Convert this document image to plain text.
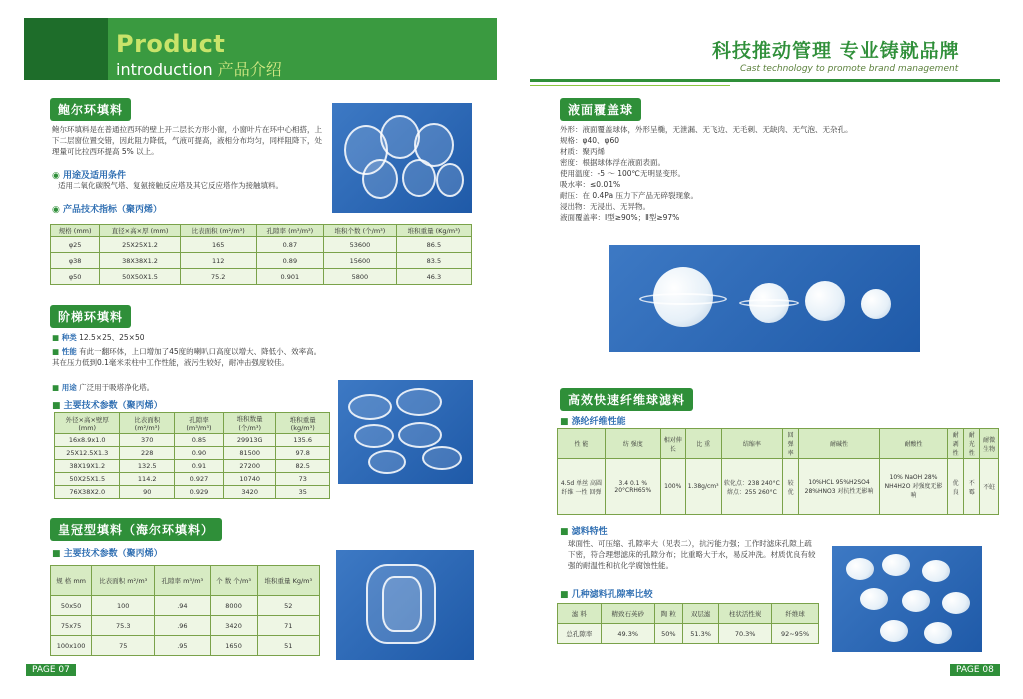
Product
introduction 产品介绍
科技推动管理 专业铸就品牌
Cast technology to promote brand management
鲍尔环填料
鲍尔环填料是在普通拉西环的壁上开二层长方形小窗，小窗叶片在环中心相搭，上下二层窗位置交错，因此阻力降低，气液可提高，液相分布均匀，同样阻降下，处理量可比拉西环提高 5% 以上。
◉ 用途及适用条件
适用二氧化碳脱气塔、复氨接触反应塔及其它反应塔作为接触填料。
◉ 产品技术指标（聚丙烯）
规格 (mm)	直径×高×厚 (mm)	比表面积 (m²/m³)	孔隙率 (m³/m³)	堆积个数 (个/m³)	堆积重量 (Kg/m³)
φ25	25X25X1.2	165	0.87	53600	86.5
φ38	38X38X1.2	112	0.89	15600	83.5
φ50	50X50X1.5	75.2	0.901	5800	46.3
阶梯环填料
■ 种类 12.5×25、25×50
■ 性能 有此一翻环体，上口增加了45度的喇叭口高度以增大、降低小、效率高。其在压力低到0.1毫米汞柱中工作性能，液污生较好，耐冲击强度较佳。
■ 用途 广泛用于吸塔净化塔。
■ 主要技术参数（聚丙烯）
外径×高×壁厚 (mm)	比表面积 (m²/m³)	孔隙率 (m³/m³)	堆积数量 (个/m³)	堆积重量 (kg/m³)
16x8.9x1.0	370	0.85	29913G	135.6
25X12.5X1.3	228	0.90	81500	97.8
38X19X1.2	132.5	0.91	27200	82.5
50X25X1.5	114.2	0.927	10740	73
76X38X2.0	90	0.929	3420	35
皇冠型填料（海尔环填料）
■ 主要技术参数（聚丙烯）
规 格 mm	比表面积 m²/m³	孔隙率 m³/m³	个 数 个/m³	堆积重量 Kg/m³
50x50	100	.94	8000	52
75x75	75.3	.96	3420	71
100x100	75	.95	1650	51
液面覆盖球
外形：液面覆盖球体，外形呈椭，无泄漏、无飞边、无毛刺、无缺肉、无气泡、无杂孔。
规格：φ40、φ60
材质：聚丙烯
密度：根据球体浮在液面表面。
使用温度：-5 ～ 100℃无明显变形。
吸水率：≤0.01%
耐压：在 0.4Pa 压力下产品无碎裂现象。
浸出物：无浸出、无异物。
液面覆盖率：Ⅰ型≥90%；Ⅱ型≥97%
高效快速纤维球滤料
■ 涤纶纤维性能
性 能	纺 强度	相对伸长	比 重	结缩率	回弹率	耐碱性	耐酸性	耐剥性	耐光性	耐微生物
4.5d 单丝 高圆 纤维 一性 回弹	3.4 0.1 % 20°CRH65%	100%	1.38g/cm³	软化点：238 240°C 熔点：255 260°C	较优	10%HCL 95%H2SO4 28%HNO3 对抗性无影响	10% NaOH 28% NH4H2O 对强度无影响	优良	不霉	不蛀
■ 滤料特性
球面性、可压缩、孔隙率大（见表二），抗污能力强；工作时滤床孔隙上疏下密，符合理想滤床的孔隙分布；比重略大于水，易反冲洗。材质优良有较强的耐温性和抗化学腐蚀性能。
■ 几种滤料孔隙率比较
滤 料	精致石英砂	陶 粒	双层滤	柱状活性炭	纤维球
总孔隙率	49.3%	50%	51.3%	70.3%	92~95%
PAGE 07	PAGE 08
